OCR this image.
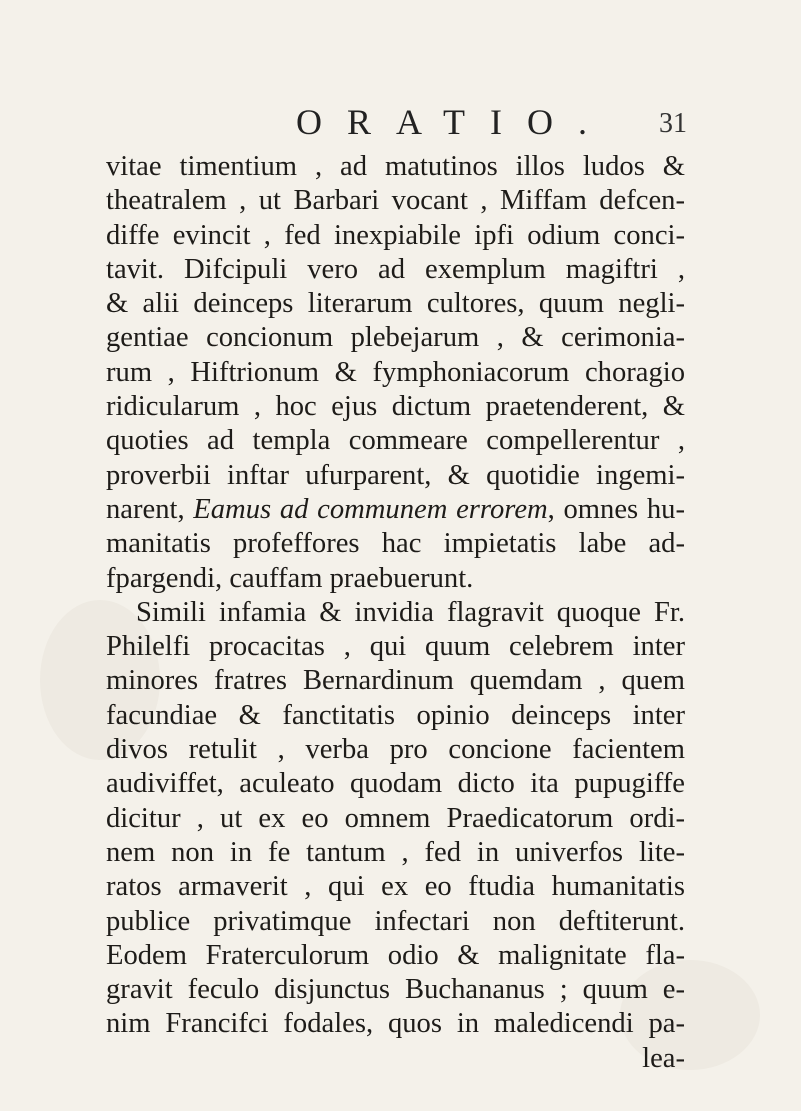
ORATIO. 31
vitae timentium , ad matutinos illos ludos &
theatralem , ut Barbari vocant , Miffam defcen-
diffe evincit , fed inexpiabile ipfi odium conci-
tavit. Difcipuli vero ad exemplum magiftri ,
& alii deinceps literarum cultores, quum negli-
gentiae concionum plebejarum , & cerimonia-
rum , Hiftrionum & fymphoniacorum choragio
ridicularum , hoc ejus dictum praetenderent, &
quoties ad templa commeare compellerentur ,
proverbii inftar ufurparent, & quotidie ingemi-
narent, Eamus ad communem errorem, omnes hu-
manitatis profeffores hac impietatis labe ad-
fpargendi, cauffam praebuerunt.
Simili infamia & invidia flagravit quoque Fr.
Philelfi procacitas , qui quum celebrem inter
minores fratres Bernardinum quemdam , quem
facundiae & fanctitatis opinio deinceps inter
divos retulit , verba pro concione facientem
audiviffet, aculeato quodam dicto ita pupugiffe
dicitur , ut ex eo omnem Praedicatorum ordi-
nem non in fe tantum , fed in univerfos lite-
ratos armaverit , qui ex eo ftudia humanitatis
publice privatimque infectari non deftiterunt.
Eodem Fraterculorum odio & malignitate fla-
gravit feculo disjunctus Buchananus ; quum e-
nim Francifci fodales, quos in maledicendi pa-
lea-
